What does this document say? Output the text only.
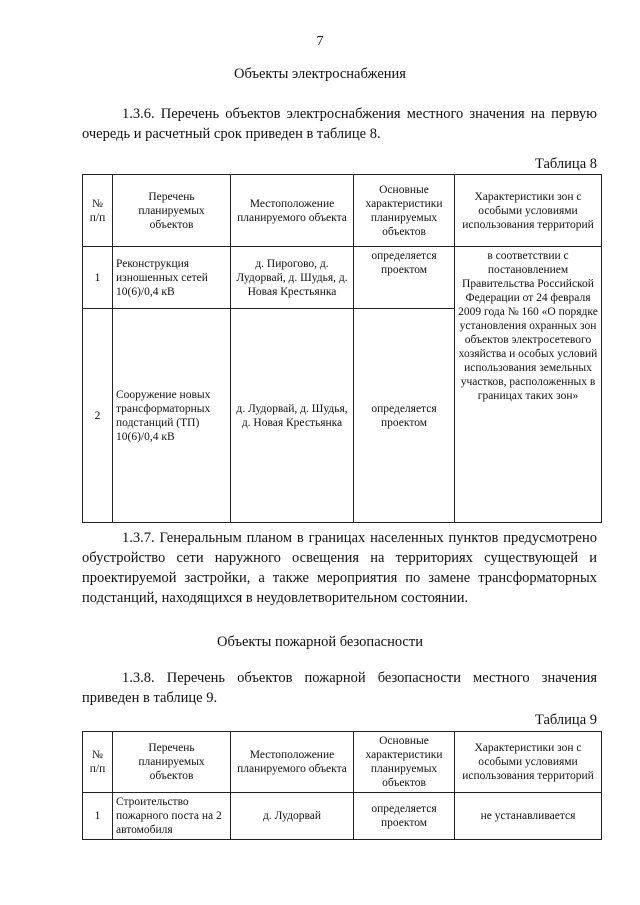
7
Объекты электроснабжения
1.3.6. Перечень объектов электроснабжения местного значения на первую очередь и расчетный срок приведен в таблице 8.
Таблица 8
№ п/п	Перечень планируемых объектов	Местоположение планируемого объекта	Основные характеристики планируемых объектов	Характеристики зон с особыми условиями использования территорий
1	Реконструкция изношенных сетей 10(6)/0,4 кВ	д. Пирогово, д. Лудорвай, д. Шудья, д. Новая Крестьянка	определяется проектом	в соответствии с постановлением Правительства Российской Федерации от 24 февраля 2009 года № 160 «О порядке установления охранных зон объектов электросетевого хозяйства и особых условий использования земельных участков, расположенных в границах таких зон»
2	Сооружение новых трансформаторных подстанций (ТП) 10(6)/0,4 кВ	д. Лудорвай, д. Шудья, д. Новая Крестьянка	определяется проектом	
1.3.7. Генеральным планом в границах населенных пунктов предусмотрено обустройство сети наружного освещения на территориях существующей и проектируемой застройки, а также мероприятия по замене трансформаторных подстанций, находящихся в неудовлетворительном состоянии.
Объекты пожарной безопасности
1.3.8. Перечень объектов пожарной безопасности местного значения приведен в таблице 9.
Таблица 9
№ п/п	Перечень планируемых объектов	Местоположение планируемого объекта	Основные характеристики планируемых объектов	Характеристики зон с особыми условиями использования территорий
1	Строительство пожарного поста на 2 автомобиля	д. Лудорвай	определяется проектом	не устанавливается
